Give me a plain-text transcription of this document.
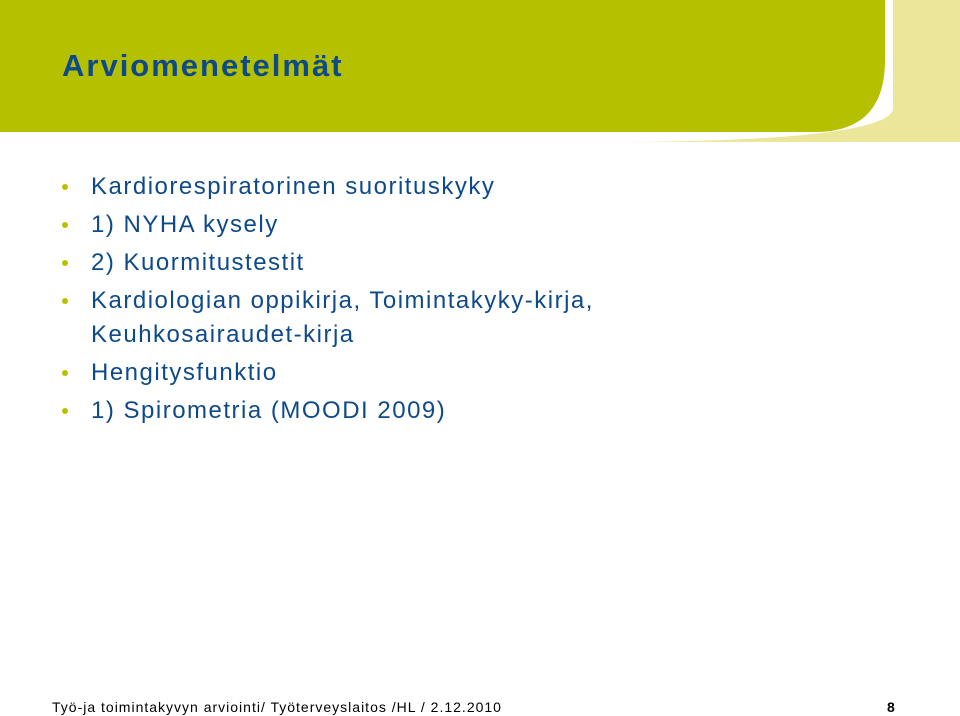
Arviomenetelmät
Kardiorespiratorinen suorituskyky
1) NYHA kysely
2) Kuormitustestit
Kardiologian oppikirja, Toimintakyky-kirja,
Keuhkosairaudet-kirja
Hengitysfunktio
1) Spirometria (MOODI 2009)
Työ-ja toimintakyvyn arviointi/ Työterveyslaitos /HL / 2.12.2010	8
